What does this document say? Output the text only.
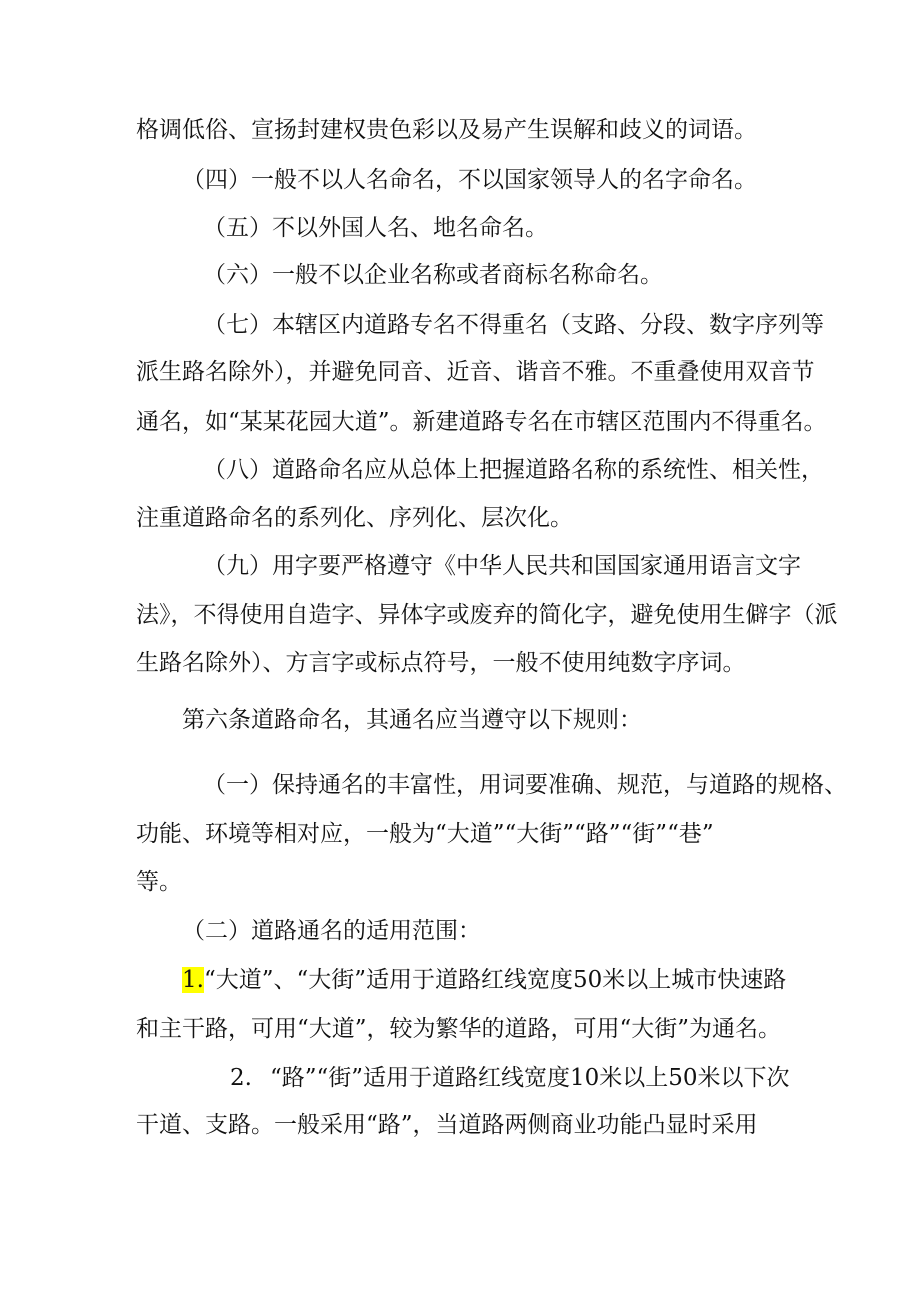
格调低俗、宣扬封建权贵色彩以及易产生误解和歧义的词语。

（四）一般不以人名命名，不以国家领导人的名字命名。

（五）不以外国人名、地名命名。

（六）一般不以企业名称或者商标名称命名。

（七）本辖区内道路专名不得重名（支路、分段、数字序列等

派生路名除外），并避免同音、近音、谐音不雅。不重叠使用双音节

通名，如“某某花园大道”。新建道路专名在市辖区范围内不得重名。

（八）道路命名应从总体上把握道路名称的系统性、相关性，

注重道路命名的系列化、序列化、层次化。

（九）用字要严格遵守《中华人民共和国国家通用语言文字

法》，不得使用自造字、异体字或废弃的简化字，避免使用生僻字（派

生路名除外）、方言字或标点符号，一般不使用纯数字序词。

第六条道路命名，其通名应当遵守以下规则：

（一）保持通名的丰富性，用词要准确、规范，与道路的规格、

功能、环境等相对应，一般为“大道”“大街”“路”“街”“巷”

等。

（二）道路通名的适用范围：

1.“大道”、“大街”适用于道路红线宽度50米以上城市快速路

和主干路，可用“大道”，较为繁华的道路，可用“大街”为通名。

2. “路”“街”适用于道路红线宽度10米以上50米以下次

干道、支路。一般采用“路”，当道路两侧商业功能凸显时采用
